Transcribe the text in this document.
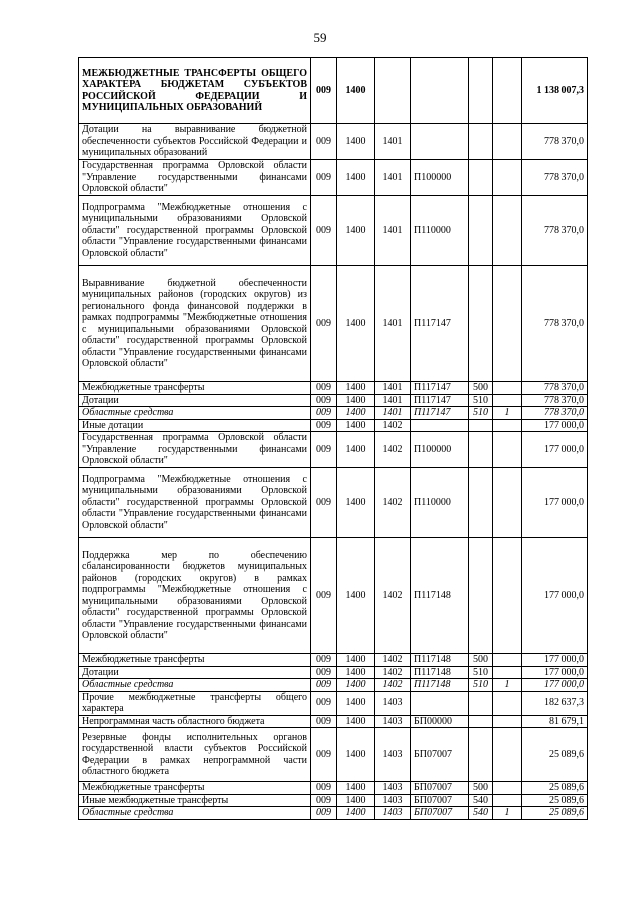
59
МЕЖБЮДЖЕТНЫЕ ТРАНСФЕРТЫ ОБЩЕГО ХАРАКТЕРА БЮДЖЕТАМ СУБЪЕКТОВ РОССИЙСКОЙ ФЕДЕРАЦИИ И МУНИЦИПАЛЬНЫХ ОБРАЗОВАНИЙ	009	1400					1 138 007,3
Дотации на выравнивание бюджетной обеспеченности субъектов Российской Федерации и муниципальных образований	009	1400	1401				778 370,0
Государственная программа Орловской области "Управление государственными финансами Орловской области"	009	1400	1401	П100000			778 370,0
Подпрограмма "Межбюджетные отношения с муниципальными образованиями Орловской области" государственной программы Орловской области "Управление государственными финансами Орловской области"	009	1400	1401	П110000			778 370,0
Выравнивание бюджетной обеспеченности муниципальных районов (городских округов) из регионального фонда финансовой поддержки в рамках подпрограммы "Межбюджетные отношения с муниципальными образованиями Орловской области" государственной программы Орловской области "Управление государственными финансами Орловской области"	009	1400	1401	П117147			778 370,0
Межбюджетные трансферты	009	1400	1401	П117147	500		778 370,0
Дотации	009	1400	1401	П117147	510		778 370,0
Областные средства	009	1400	1401	П117147	510	1	778 370,0
Иные дотации	009	1400	1402				177 000,0
Государственная программа Орловской области "Управление государственными финансами Орловской области"	009	1400	1402	П100000			177 000,0
Подпрограмма "Межбюджетные отношения с муниципальными образованиями Орловской области" государственной программы Орловской области "Управление государственными финансами Орловской области"	009	1400	1402	П110000			177 000,0
Поддержка мер по обеспечению сбалансированности бюджетов муниципальных районов (городских округов) в рамках подпрограммы "Межбюджетные отношения с муниципальными образованиями Орловской области" государственной программы Орловской области "Управление государственными финансами Орловской области"	009	1400	1402	П117148			177 000,0
Межбюджетные трансферты	009	1400	1402	П117148	500		177 000,0
Дотации	009	1400	1402	П117148	510		177 000,0
Областные средства	009	1400	1402	П117148	510	1	177 000,0
Прочие межбюджетные трансферты общего характера	009	1400	1403				182 637,3
Непрограммная часть областного бюджета	009	1400	1403	БП00000			81 679,1
Резервные фонды исполнительных органов государственной власти субъектов Российской Федерации в рамках непрограммной части областного бюджета	009	1400	1403	БП07007			25 089,6
Межбюджетные трансферты	009	1400	1403	БП07007	500		25 089,6
Иные межбюджетные трансферты	009	1400	1403	БП07007	540		25 089,6
Областные средства	009	1400	1403	БП07007	540	1	25 089,6
